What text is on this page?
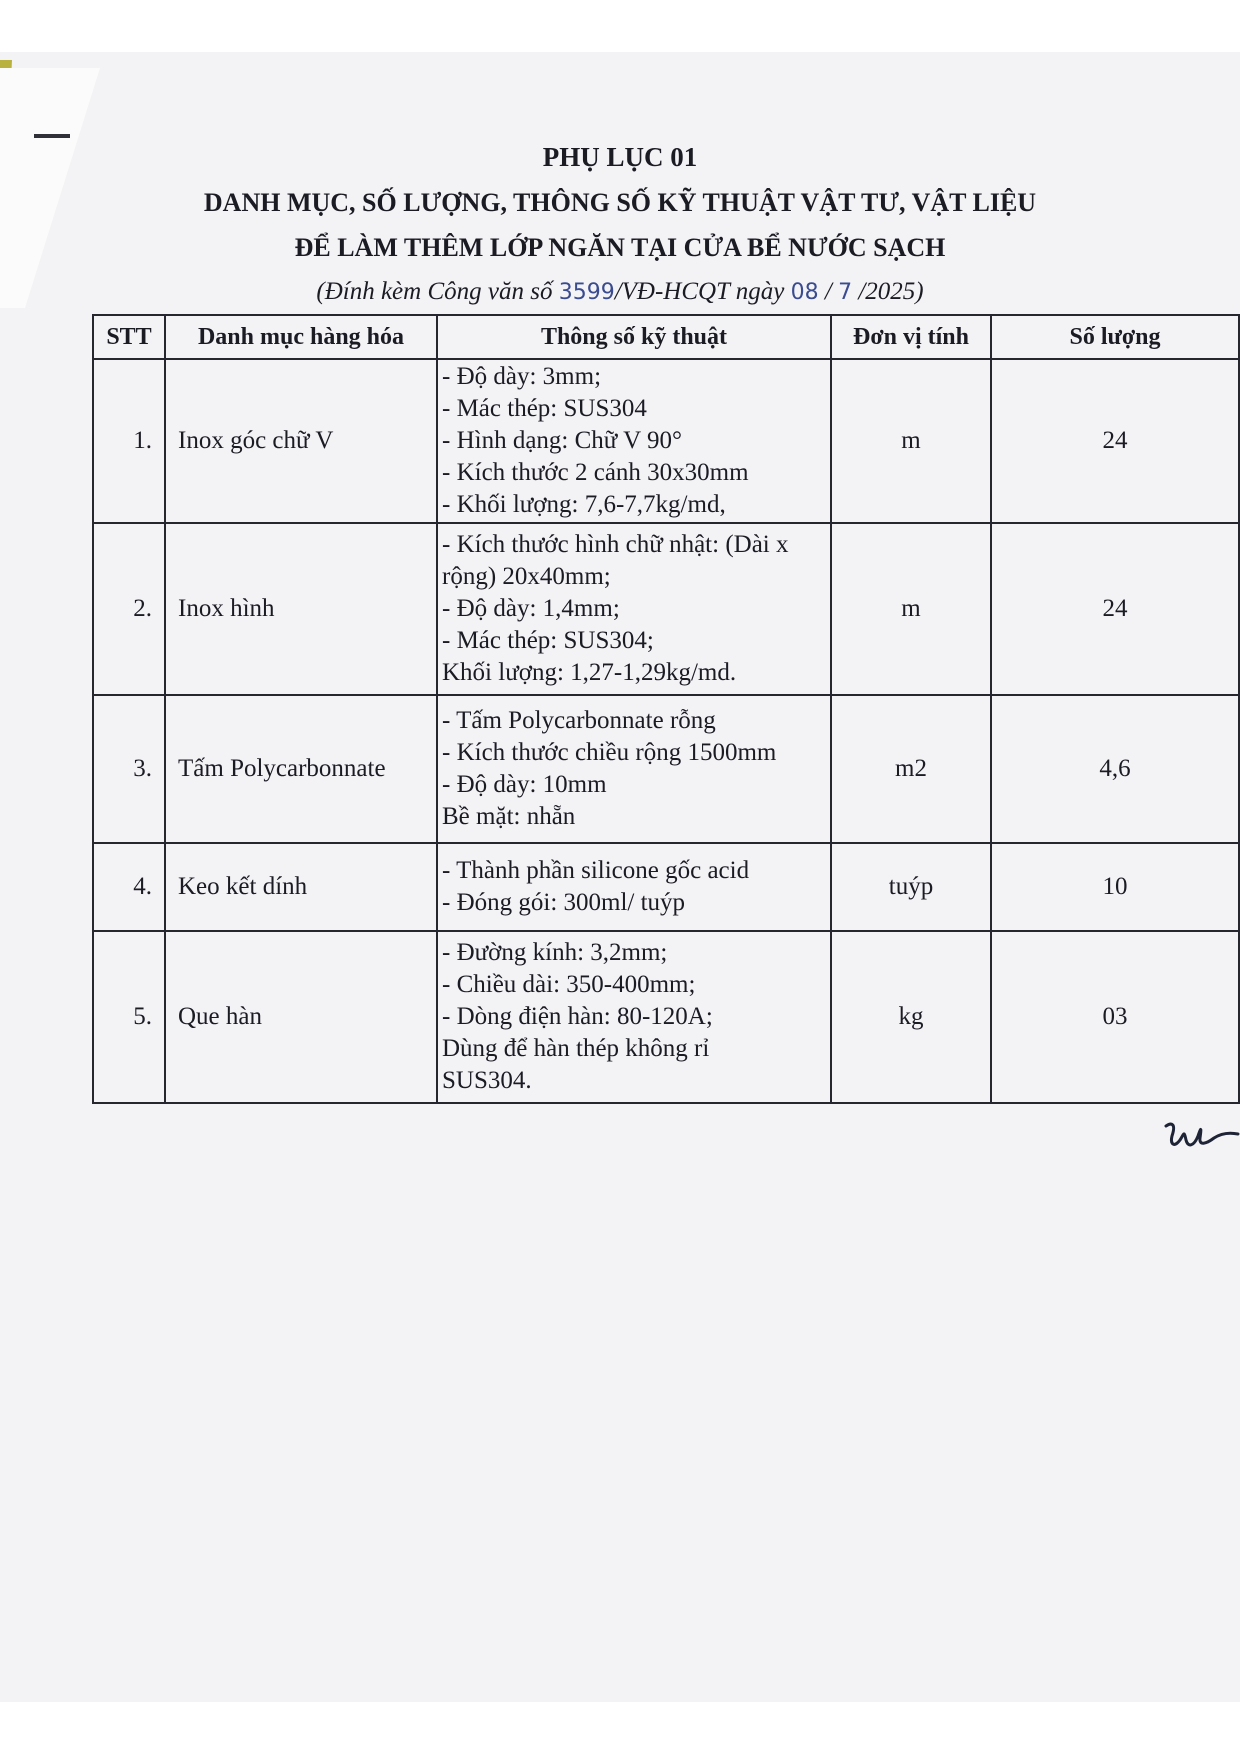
PHỤ LỤC 01
DANH MỤC, SỐ LƯỢNG, THÔNG SỐ KỸ THUẬT VẬT TƯ, VẬT LIỆU
ĐỂ LÀM THÊM LỚP NGĂN TẠI CỬA BỂ NƯỚC SẠCH
(Đính kèm Công văn số 3599/VĐ-HCQT ngày 08 / 7 /2025)
STT	Danh mục hàng hóa	Thông số kỹ thuật	Đơn vị tính	Số lượng
1.	Inox góc chữ V	- Độ dày: 3mm;
- Mác thép: SUS304
- Hình dạng: Chữ V 90°
- Kích thước 2 cánh 30x30mm
- Khối lượng: 7,6-7,7kg/md,	m	24
2.	Inox hình	- Kích thước hình chữ nhật: (Dài x
rộng) 20x40mm;
- Độ dày: 1,4mm;
- Mác thép: SUS304;
Khối lượng: 1,27-1,29kg/md.	m	24
3.	Tấm Polycarbonnate	- Tấm Polycarbonnate rỗng
- Kích thước chiều rộng 1500mm
- Độ dày: 10mm
Bề mặt: nhẵn	m2	4,6
4.	Keo kết dính	- Thành phần silicone gốc acid
- Đóng gói: 300ml/ tuýp	tuýp	10
5.	Que hàn	- Đường kính: 3,2mm;
- Chiều dài: 350-400mm;
- Dòng điện hàn: 80-120A;
Dùng để hàn thép không rỉ
SUS304.	kg	03
